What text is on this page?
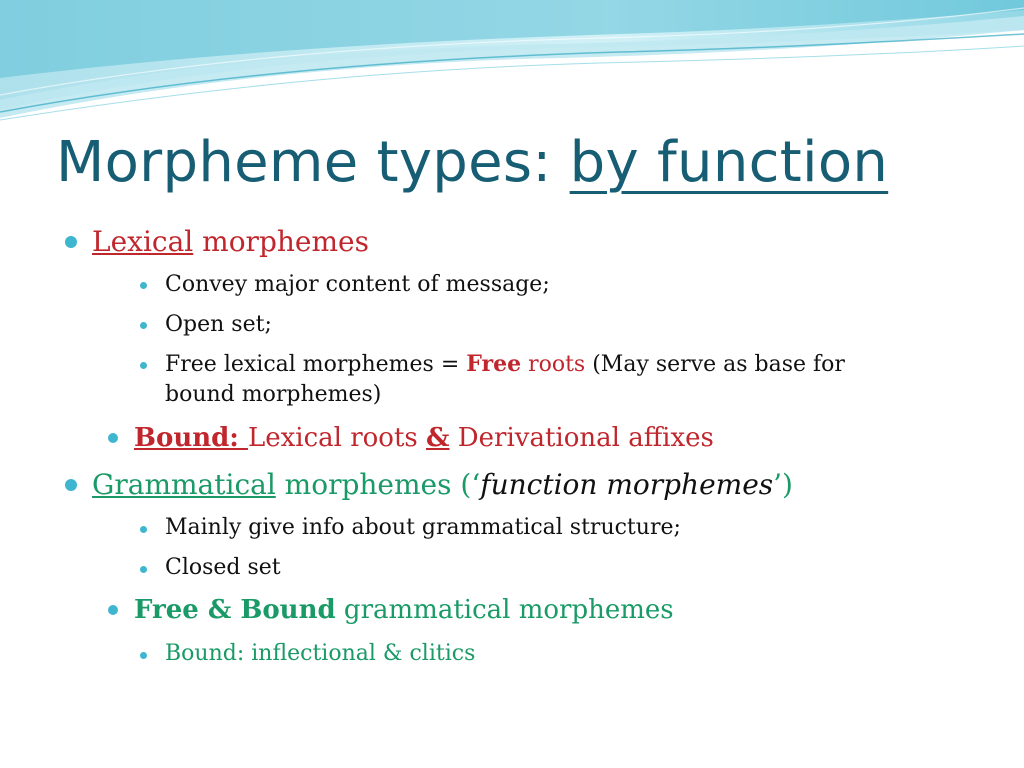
Morpheme types: by function
Lexical morphemes
Convey major content of message;
Open set;
Free lexical morphemes = Free roots (May serve as base for
bound morphemes)
Bound: Lexical roots & Derivational affixes
Grammatical morphemes (‘function morphemes’)
Mainly give info about grammatical structure;
Closed set
Free & Bound grammatical morphemes
Bound: inflectional & clitics
